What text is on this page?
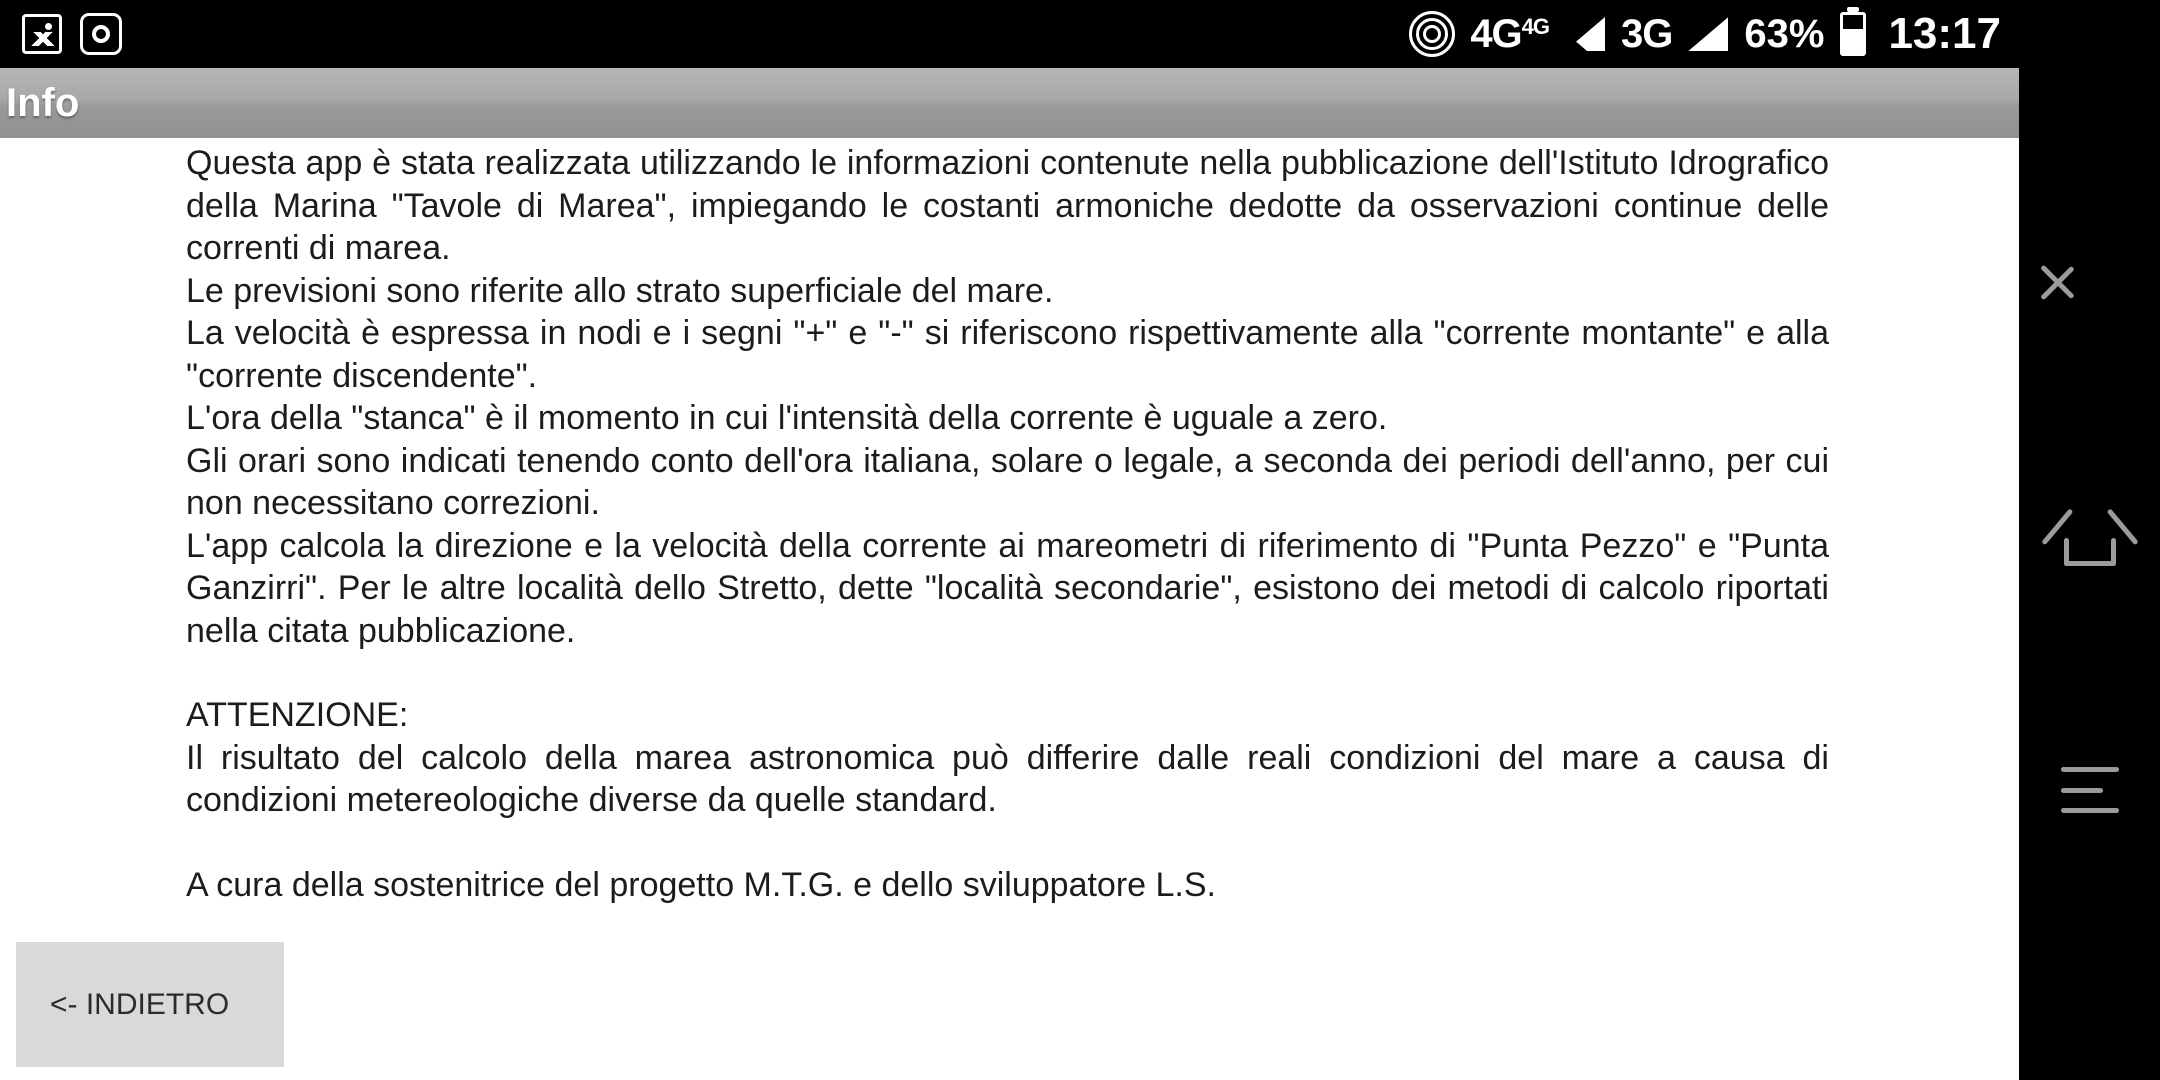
$4G^{4G}$ 3G 63% 13:17
Info

Questa app è stata realizzata utilizzando le informazioni contenute nella pubblicazione dell'Istituto Idrografico della Marina "Tavole di Marea", impiegando le costanti armoniche dedotte da osservazioni continue delle correnti di marea.

Le previsioni sono riferite allo strato superficiale del mare.

La velocità è espressa in nodi e i segni "+" e "-" si riferiscono rispettivamente alla "corrente montante" e alla "corrente discendente".

L'ora della "stanca" è il momento in cui l'intensità della corrente è uguale a zero.

Gli orari sono indicati tenendo conto dell'ora italiana, solare o legale, a seconda dei periodi dell'anno, per cui non necessitano correzioni.

L'app calcola la direzione e la velocità della corrente ai mareometri di riferimento di "Punta Pezzo" e "Punta Ganzirri". Per le altre località dello Stretto, dette "località secondarie", esistono dei metodi di calcolo riportati nella citata pubblicazione.

ATTENZIONE:

Il risultato del calcolo della marea astronomica può differire dalle reali condizioni del mare a causa di condizioni metereologiche diverse da quelle standard.

A cura della sostenitrice del progetto M.T.G. e dello sviluppatore L.S.

<- INDIETRO
